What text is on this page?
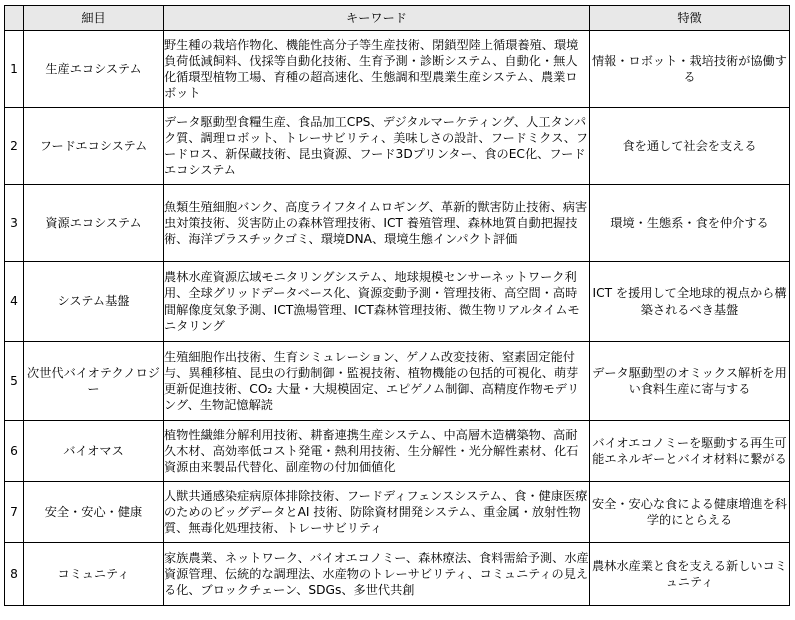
	細目	キーワード	特徴
1	生産エコシステム	野生種の栽培作物化、機能性高分子等生産技術、閉鎖型陸上循環養殖、環境負荷低減飼料、伐採等自動化技術、生育予測・診断システム、自動化・無人化循環型植物工場、育種の超高速化、生態調和型農業生産システム、農業ロボット	情報・ロボット・栽培技術が協働する
2	フードエコシステム	データ駆動型食糧生産、食品加工CPS、デジタルマーケティング、人工タンパク質、調理ロボット、トレーサビリティ、美味しさの設計、フードミクス、フードロス、新保蔵技術、昆虫資源、フード3Dプリンター、食のEC化、フードエコシステム	食を通して社会を支える
3	資源エコシステム	魚類生殖細胞バンク、高度ライフタイムロギング、革新的獣害防止技術、病害虫対策技術、災害防止の森林管理技術、ICT 養殖管理、森林地質自動把握技術、海洋プラスチックゴミ、環境DNA、環境生態インパクト評価	環境・生態系・食を仲介する
4	システム基盤	農林水産資源広域モニタリングシステム、地球規模センサーネットワーク利用、全球グリッドデータベース化、資源変動予測・管理技術、高空間・高時間解像度気象予測、ICT漁場管理、ICT森林管理技術、微生物リアルタイムモニタリング	ICT を援用して全地球的視点から構築されるべき基盤
5	次世代バイオテクノロジー	生殖細胞作出技術、生育シミュレーション、ゲノム改変技術、窒素固定能付与、異種移植、昆虫の行動制御・監視技術、植物機能の包括的可視化、萌芽更新促進技術、CO₂ 大量・大規模固定、エピゲノム制御、高精度作物モデリング、生物記憶解読	データ駆動型のオミックス解析を用い食料生産に寄与する
6	バイオマス	植物性繊維分解利用技術、耕畜連携生産システム、中高層木造構築物、高耐久木材、高効率低コスト発電・熱利用技術、生分解性・光分解性素材、化石資源由来製品代替化、副産物の付加価値化	バイオエコノミーを駆動する再生可能エネルギーとバイオ材料に繋がる
7	安全・安心・健康	人獣共通感染症病原体排除技術、フードディフェンスシステム、食・健康医療のためのビッグデータとAI 技術、防除資材開発システム、重金属・放射性物質、無毒化処理技術、トレーサビリティ	安全・安心な食による健康増進を科学的にとらえる
8	コミュニティ	家族農業、ネットワーク、バイオエコノミー、森林療法、食料需給予測、水産資源管理、伝統的な調理法、水産物のトレーサビリティ、コミュニティの見える化、ブロックチェーン、SDGs、多世代共創	農林水産業と食を支える新しいコミュニティ
